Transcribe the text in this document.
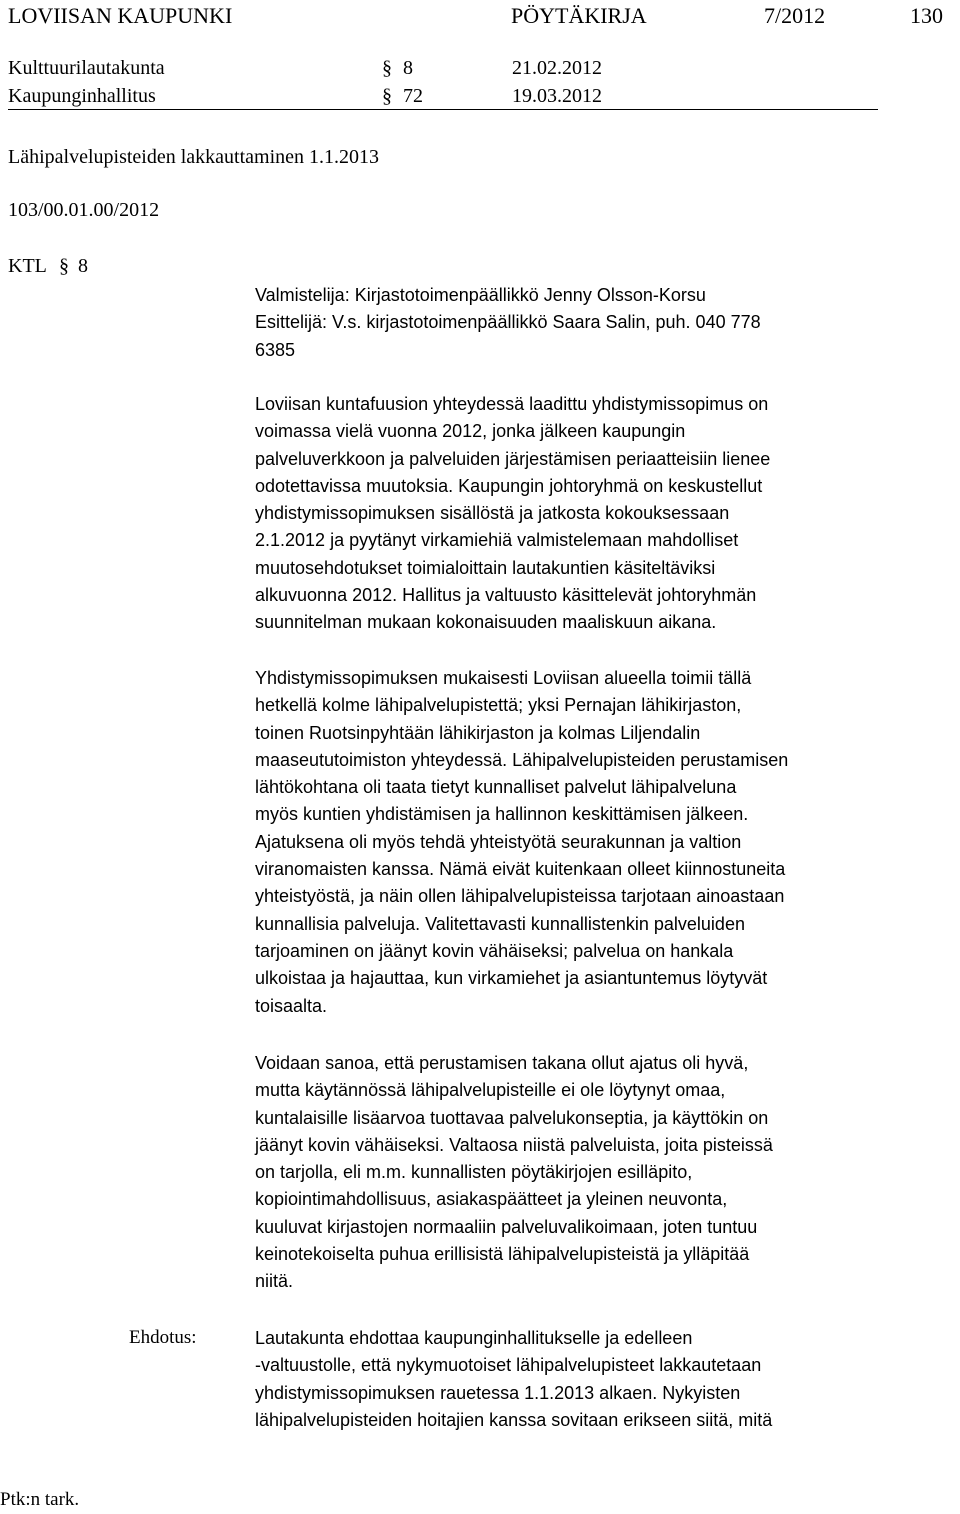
LOVIISAN KAUPUNKI	PÖYTÄKIRJA	7/2012	130
Kulttuurilautakunta	§ 8	21.02.2012
Kaupunginhallitus	§ 72	19.03.2012
Lähipalvelupisteiden lakkauttaminen 1.1.2013
103/00.01.00/2012
KTL § 8
Valmistelija: Kirjastotoimenpäällikkö Jenny Olsson-Korsu
Esittelijä: V.s. kirjastotoimenpäällikkö Saara Salin, puh. 040 778
6385
Loviisan kuntafuusion yhteydessä laadittu yhdistymissopimus on
voimassa vielä vuonna 2012, jonka jälkeen kaupungin
palveluverkkoon ja palveluiden järjestämisen periaatteisiin lienee
odotettavissa muutoksia. Kaupungin johtoryhmä on keskustellut
yhdistymissopimuksen sisällöstä ja jatkosta kokouksessaan
2.1.2012 ja pyytänyt virkamiehiä valmistelemaan mahdolliset
muutosehdotukset toimialoittain lautakuntien käsiteltäviksi
alkuvuonna 2012. Hallitus ja valtuusto käsittelevät johtoryhmän
suunnitelman mukaan kokonaisuuden maaliskuun aikana.
Yhdistymissopimuksen mukaisesti Loviisan alueella toimii tällä
hetkellä kolme lähipalvelupistettä; yksi Pernajan lähikirjaston,
toinen Ruotsinpyhtään lähikirjaston ja kolmas Liljendalin
maaseututoimiston yhteydessä. Lähipalvelupisteiden perustamisen
lähtökohtana oli taata tietyt kunnalliset palvelut lähipalveluna
myös kuntien yhdistämisen ja hallinnon keskittämisen jälkeen.
Ajatuksena oli myös tehdä yhteistyötä seurakunnan ja valtion
viranomaisten kanssa. Nämä eivät kuitenkaan olleet kiinnostuneita
yhteistyöstä, ja näin ollen lähipalvelupisteissa tarjotaan ainoastaan
kunnallisia palveluja. Valitettavasti kunnallistenkin palveluiden
tarjoaminen on jäänyt kovin vähäiseksi; palvelua on hankala
ulkoistaa ja hajauttaa, kun virkamiehet ja asiantuntemus löytyvät
toisaalta.
Voidaan sanoa, että perustamisen takana ollut ajatus oli hyvä,
mutta käytännössä lähipalvelupisteille ei ole löytynyt omaa,
kuntalaisille lisäarvoa tuottavaa palvelukonseptia, ja käyttökin on
jäänyt kovin vähäiseksi. Valtaosa niistä palveluista, joita pisteissä
on tarjolla, eli m.m. kunnallisten pöytäkirjojen esilläpito,
kopiointimahdollisuus, asiakaspäätteet ja yleinen neuvonta,
kuuluvat kirjastojen normaaliin palveluvalikoimaan, joten tuntuu
keinotekoiselta puhua erillisistä lähipalvelupisteistä ja ylläpitää
niitä.
Ehdotus:	Lautakunta ehdottaa kaupunginhallitukselle ja edelleen
-valtuustolle, että nykymuotoiset lähipalvelupisteet lakkautetaan
yhdistymissopimuksen rauetessa 1.1.2013 alkaen. Nykyisten
lähipalvelupisteiden hoitajien kanssa sovitaan erikseen siitä, mitä
Ptk:n tark.
